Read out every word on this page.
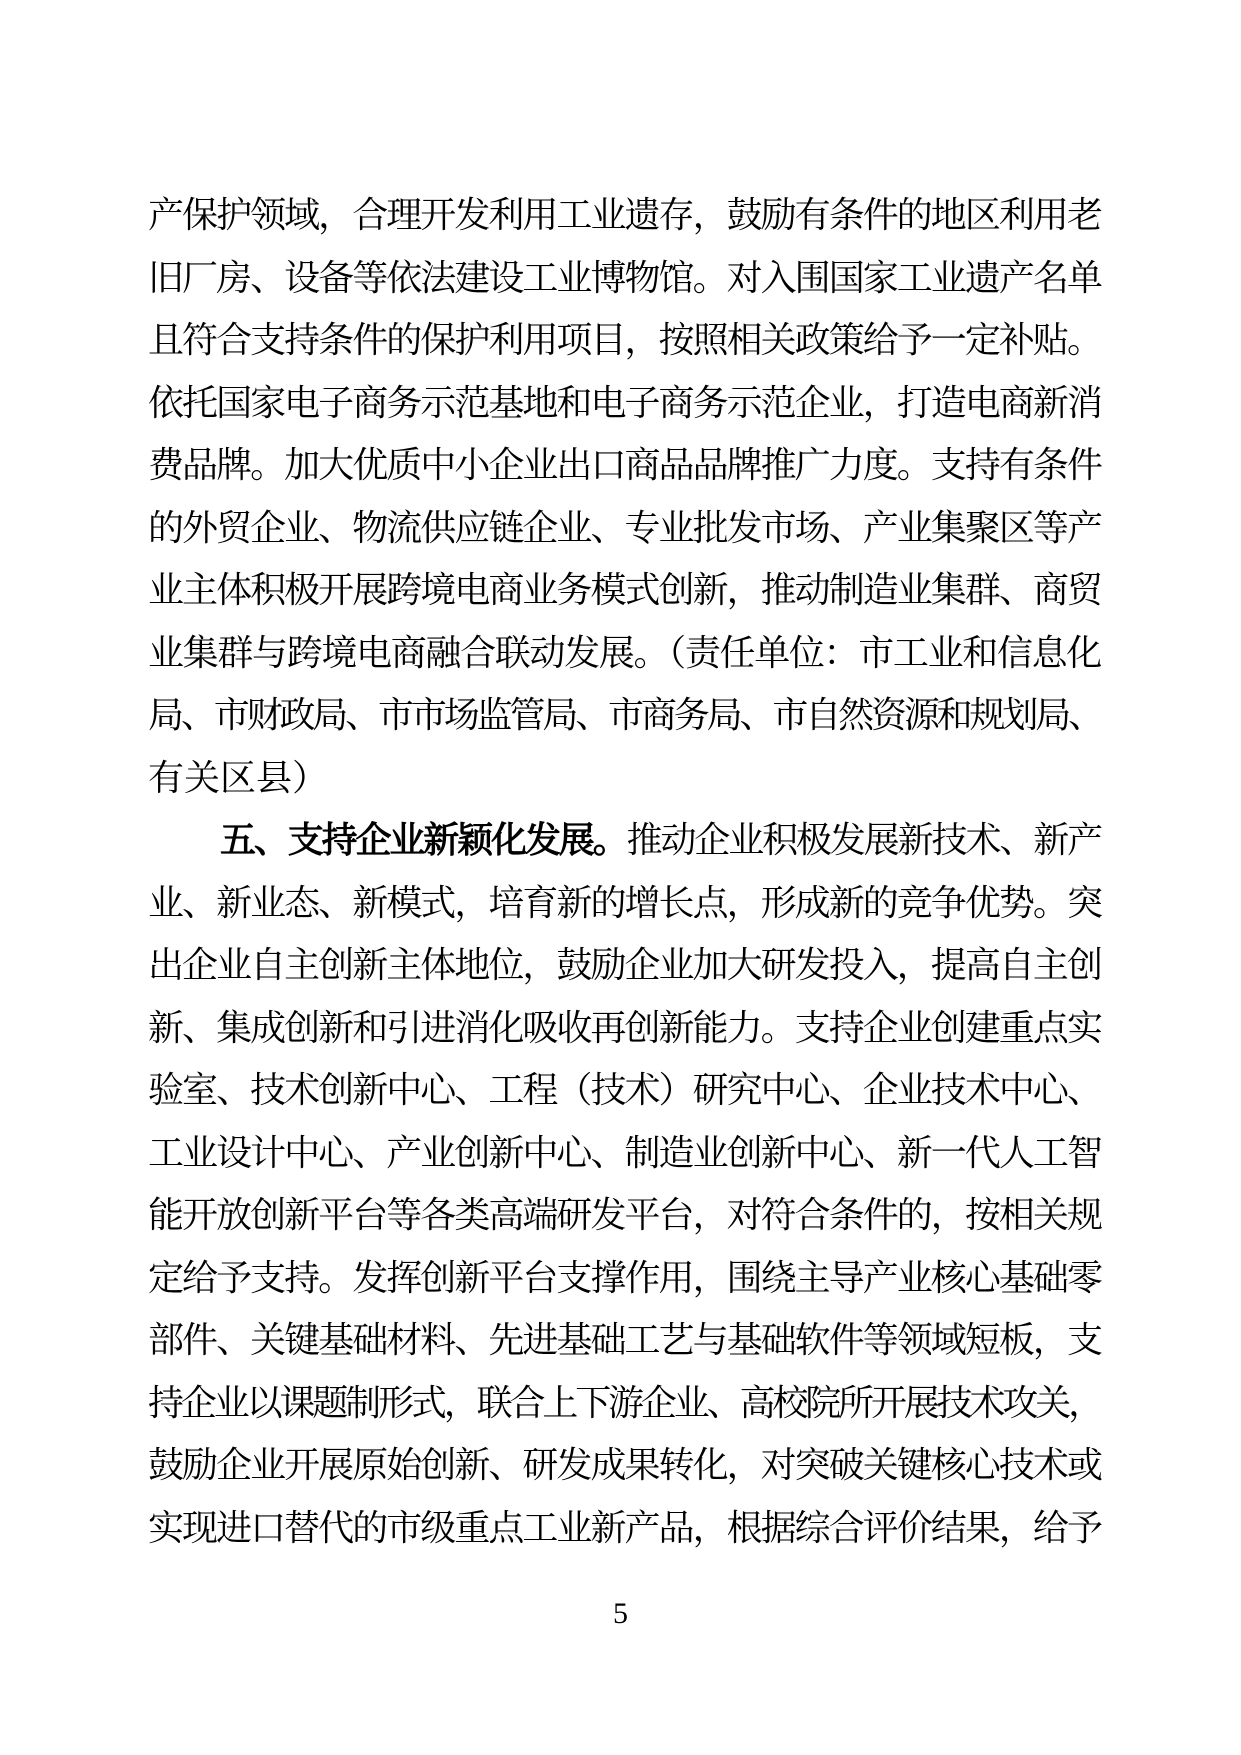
产保护领域，合理开发利用工业遗存，鼓励有条件的地区利用老
旧厂房、设备等依法建设工业博物馆。对入围国家工业遗产名单
且符合支持条件的保护利用项目，按照相关政策给予一定补贴。
依托国家电子商务示范基地和电子商务示范企业，打造电商新消
费品牌。加大优质中小企业出口商品品牌推广力度。支持有条件
的外贸企业、物流供应链企业、专业批发市场、产业集聚区等产
业主体积极开展跨境电商业务模式创新，推动制造业集群、商贸
业集群与跨境电商融合联动发展。（责任单位：市工业和信息化
局、市财政局、市市场监管局、市商务局、市自然资源和规划局、
有关区县）
五、支持企业新颖化发展。推动企业积极发展新技术、新产
业、新业态、新模式，培育新的增长点，形成新的竞争优势。突
出企业自主创新主体地位，鼓励企业加大研发投入，提高自主创
新、集成创新和引进消化吸收再创新能力。支持企业创建重点实
验室、技术创新中心、工程（技术）研究中心、企业技术中心、
工业设计中心、产业创新中心、制造业创新中心、新一代人工智
能开放创新平台等各类高端研发平台，对符合条件的，按相关规
定给予支持。发挥创新平台支撑作用，围绕主导产业核心基础零
部件、关键基础材料、先进基础工艺与基础软件等领域短板，支
持企业以课题制形式，联合上下游企业、高校院所开展技术攻关，
鼓励企业开展原始创新、研发成果转化，对突破关键核心技术或
实现进口替代的市级重点工业新产品，根据综合评价结果，给予
5
